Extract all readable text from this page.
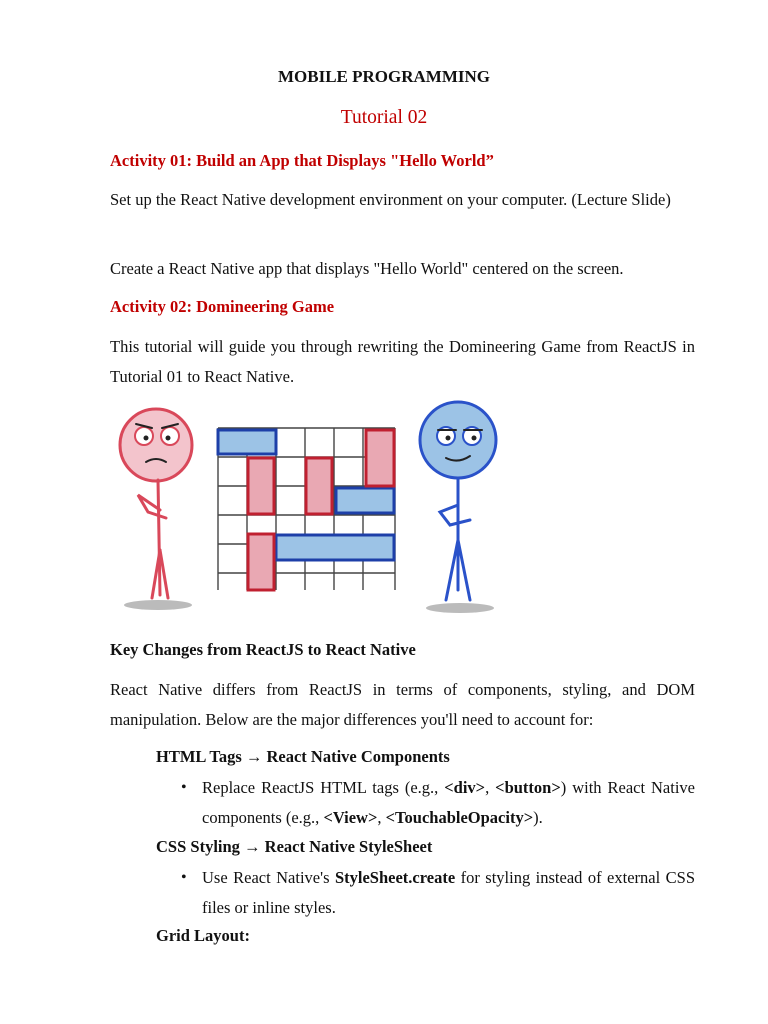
MOBILE PROGRAMMING
Tutorial 02
Activity 01: Build an App that Displays "Hello World”
Set up the React Native development environment on your computer. (Lecture Slide)
Create a React Native app that displays "Hello World" centered on the screen.
Activity 02: Domineering Game
This tutorial will guide you through rewriting the Domineering Game from ReactJS in Tutorial 01 to React Native.
Key Changes from ReactJS to React Native
React Native differs from ReactJS in terms of components, styling, and DOM manipulation. Below are the major differences you'll need to account for:
HTML Tags → React Native Components
• Replace ReactJS HTML tags (e.g., <div>, <button>) with React Native components (e.g., <View>, <TouchableOpacity>).
CSS Styling → React Native StyleSheet
• Use React Native's StyleSheet.create for styling instead of external CSS files or inline styles.
Grid Layout:
